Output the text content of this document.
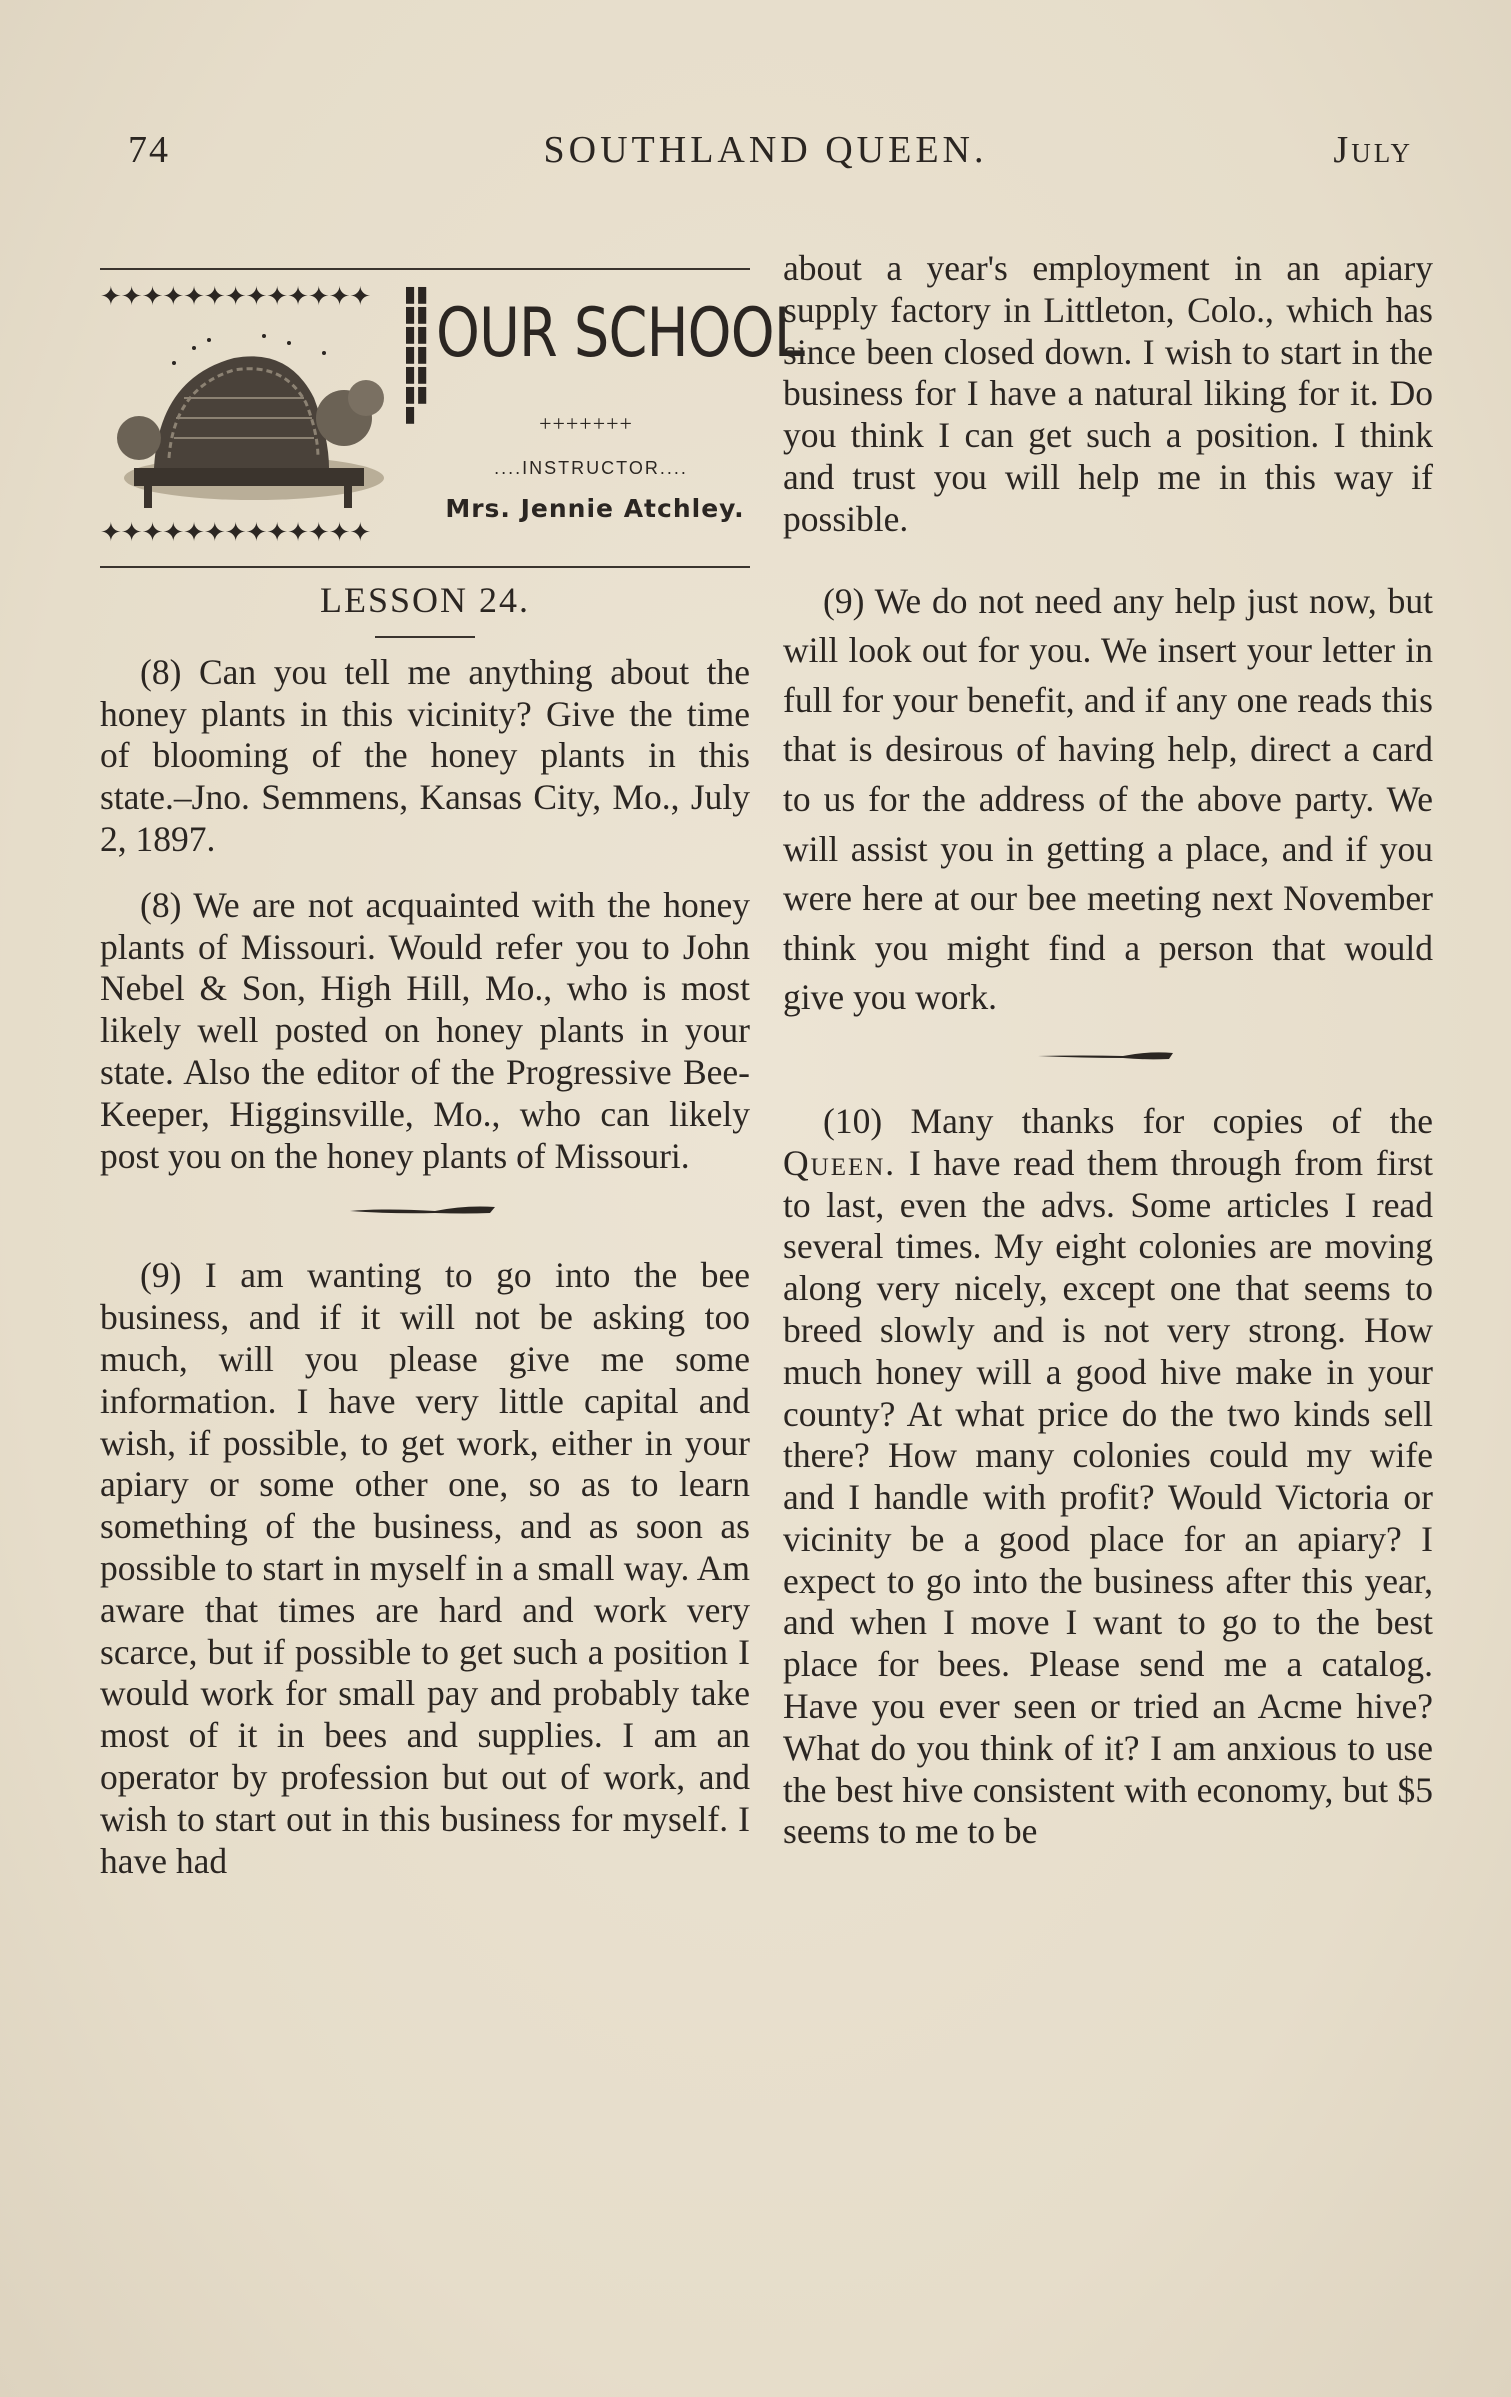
74	SOUTHLAND QUEEN.	July
✦✦✦✦✦✦✦✦✦✦✦✦✦	▮▮▮▮▮▮▮▮▮▮▮▮▮
OUR SCHOOL
+++++++
....INSTRUCTOR....
Mrs. Jennie Atchley.
✦✦✦✦✦✦✦✦✦✦✦✦✦
LESSON 24.

(8) Can you tell me anything about the honey plants in this vicinity? Give the time of blooming of the honey plants in this state.–Jno. Semmens, Kansas City, Mo., July 2, 1897.

(8) We are not acquainted with the honey plants of Missouri. Would refer you to John Nebel & Son, High Hill, Mo., who is most likely well posted on honey plants in your state. Also the editor of the Progressive Bee-Keeper, Higginsville, Mo., who can likely post you on the honey plants of Missouri.

(9) I am wanting to go into the bee business, and if it will not be asking too much, will you please give me some information. I have very little capital and wish, if possible, to get work, either in your apiary or some other one, so as to learn something of the business, and as soon as possible to start in myself in a small way. Am aware that times are hard and work very scarce, but if possible to get such a position I would work for small pay and probably take most of it in bees and supplies. I am an operator by profession but out of work, and wish to start out in this business for myself. I have had

about a year's employment in an apiary supply factory in Littleton, Colo., which has since been closed down. I wish to start in the business for I have a natural liking for it. Do you think I can get such a position. I think and trust you will help me in this way if possible.

(9) We do not need any help just now, but will look out for you. We insert your letter in full for your benefit, and if any one reads this that is desirous of having help, direct a card to us for the address of the above party. We will assist you in getting a place, and if you were here at our bee meeting next November think you might find a person that would give you work.

(10) Many thanks for copies of the Queen. I have read them through from first to last, even the advs. Some articles I read several times. My eight colonies are moving along very nicely, except one that seems to breed slowly and is not very strong. How much honey will a good hive make in your county? At what price do the two kinds sell there? How many colonies could my wife and I handle with profit? Would Victoria or vicinity be a good place for an apiary? I expect to go into the business after this year, and when I move I want to go to the best place for bees. Please send me a catalog. Have you ever seen or tried an Acme hive? What do you think of it? I am anxious to use the best hive consistent with economy, but $5 seems to me to be
